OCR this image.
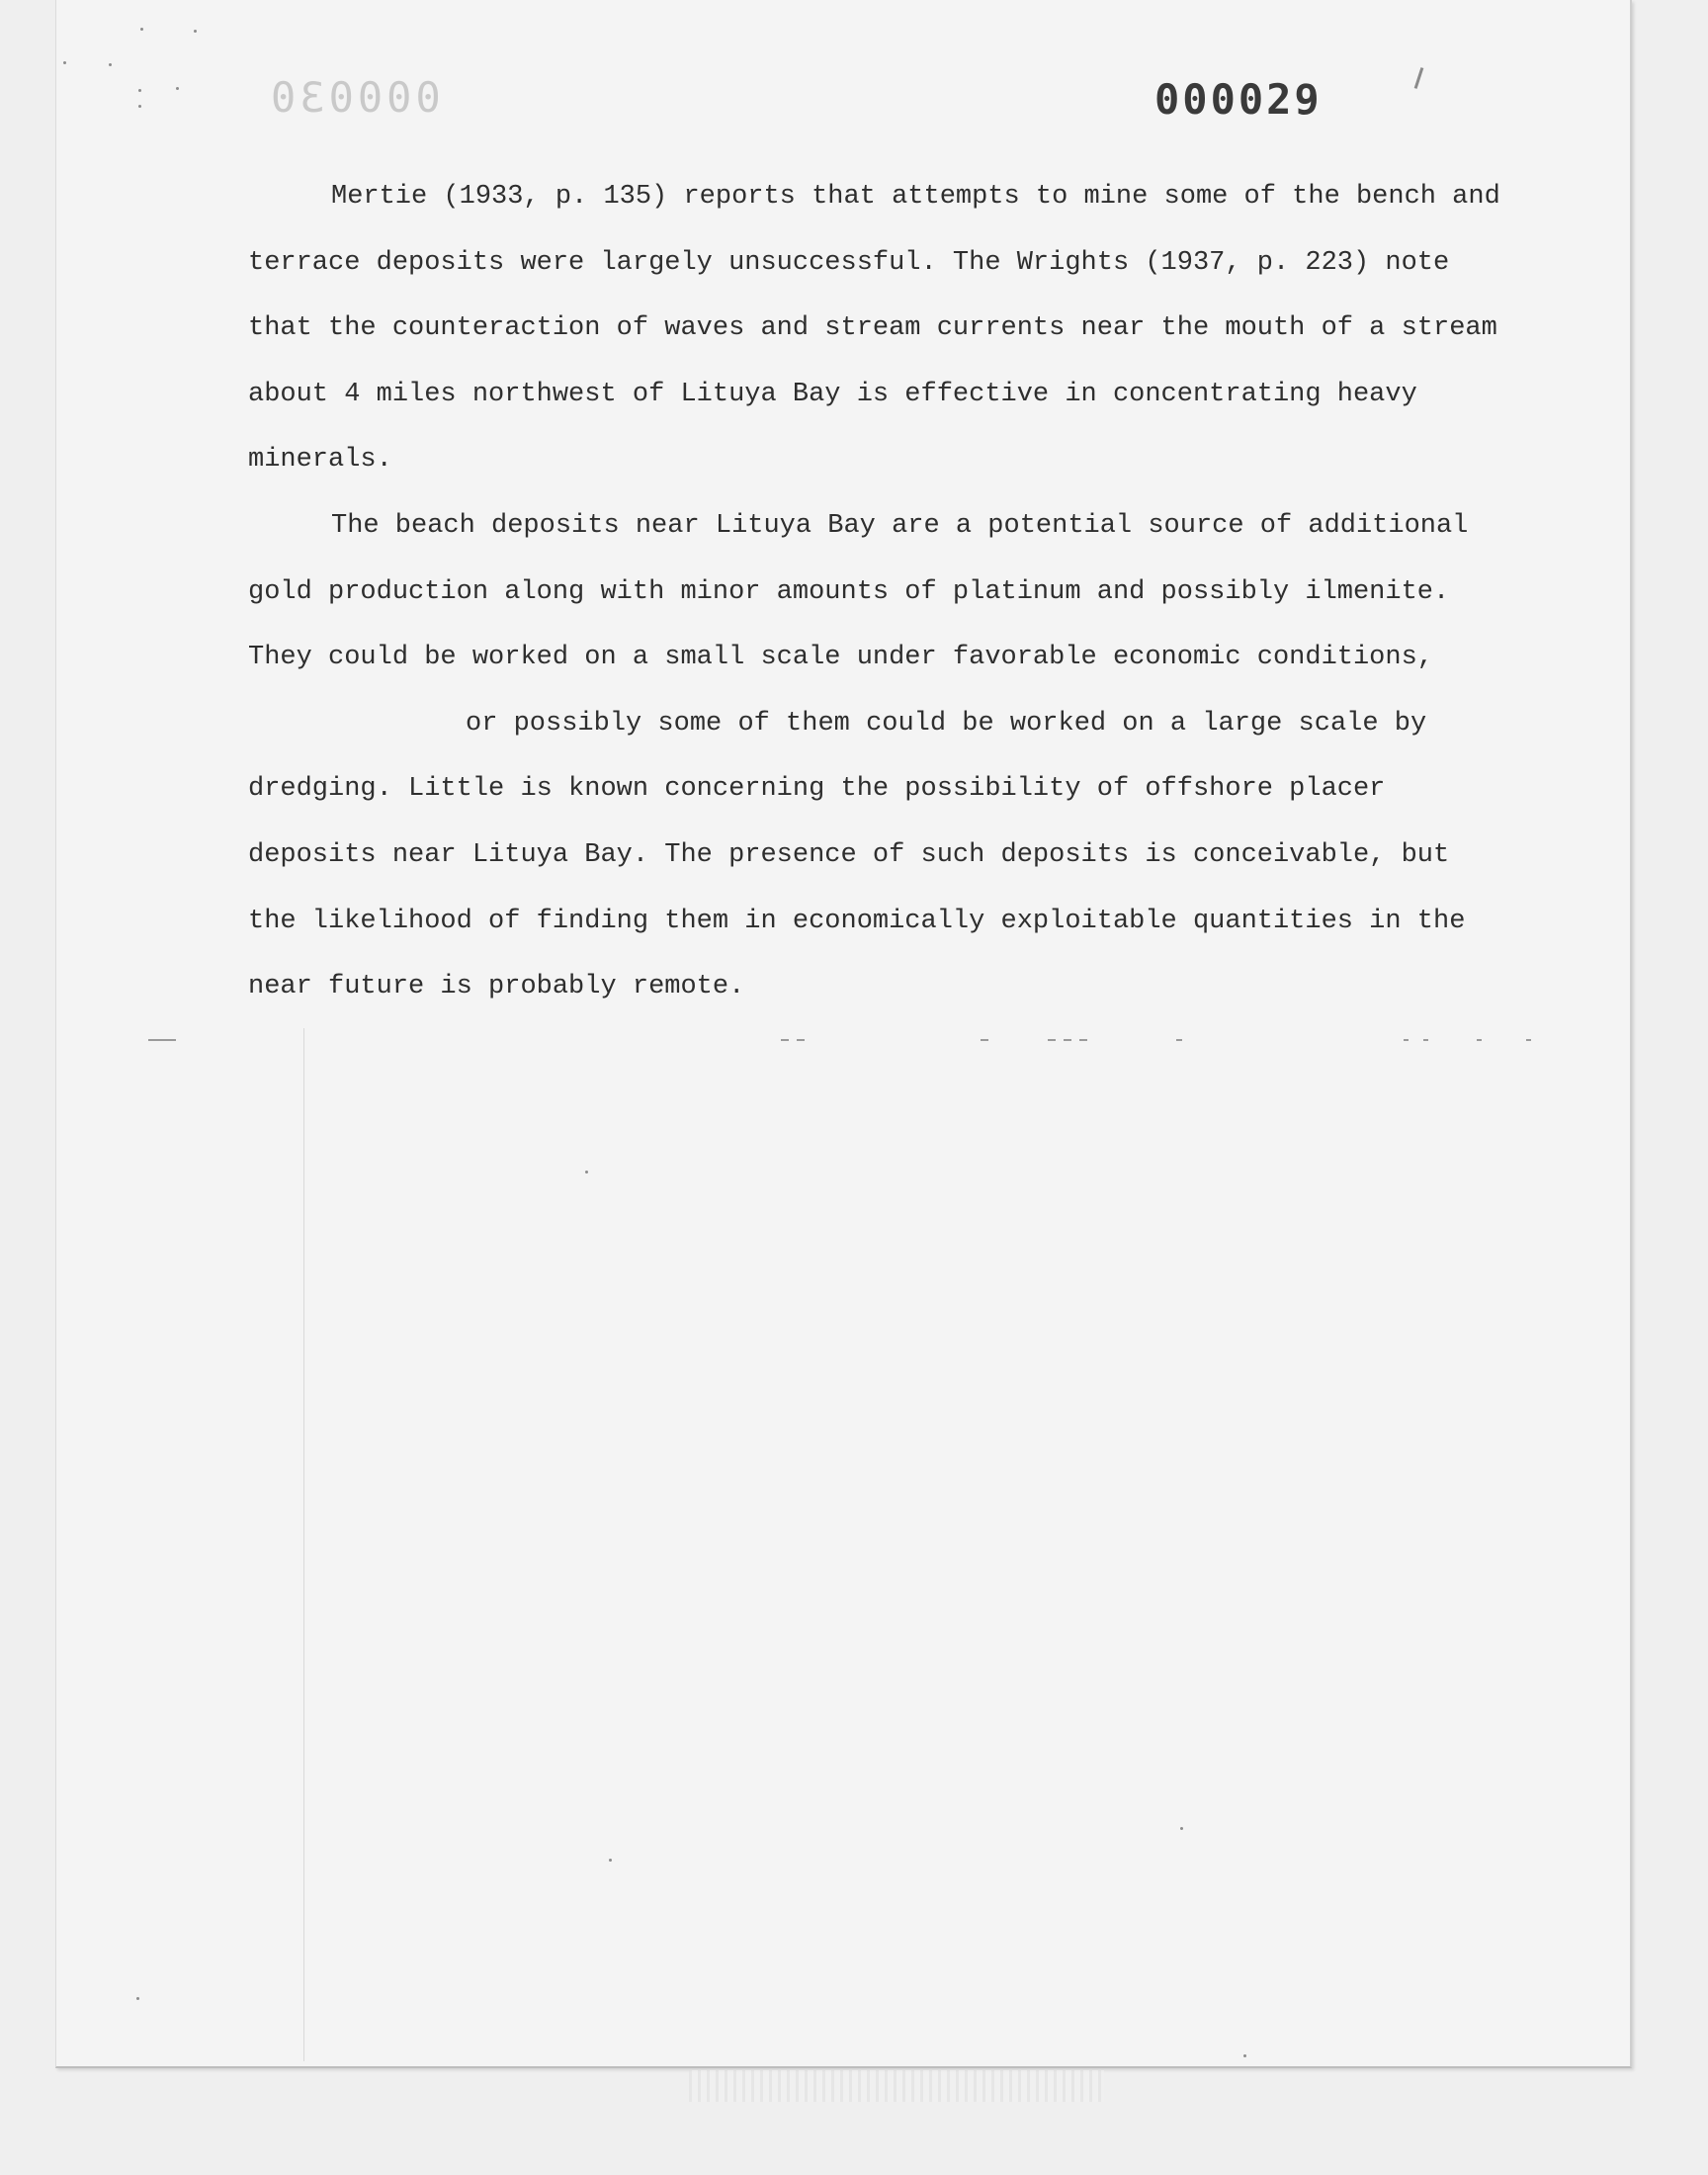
000030	000029
Mertie (1933, p. 135) reports that attempts to mine some of the bench and
terrace deposits were largely unsuccessful. The Wrights (1937, p. 223) note
that the counteraction of waves and stream currents near the mouth of a stream
about 4 miles northwest of Lituya Bay is effective in concentrating heavy
minerals.
The beach deposits near Lituya Bay are a potential source of additional
gold production along with minor amounts of platinum and possibly ilmenite.
They could be worked on a small scale under favorable economic conditions,
or possibly some of them could be worked on a large scale by
dredging. Little is known concerning the possibility of offshore placer
deposits near Lituya Bay. The presence of such deposits is conceivable, but
the likelihood of finding them in economically exploitable quantities in the
near future is probably remote.
